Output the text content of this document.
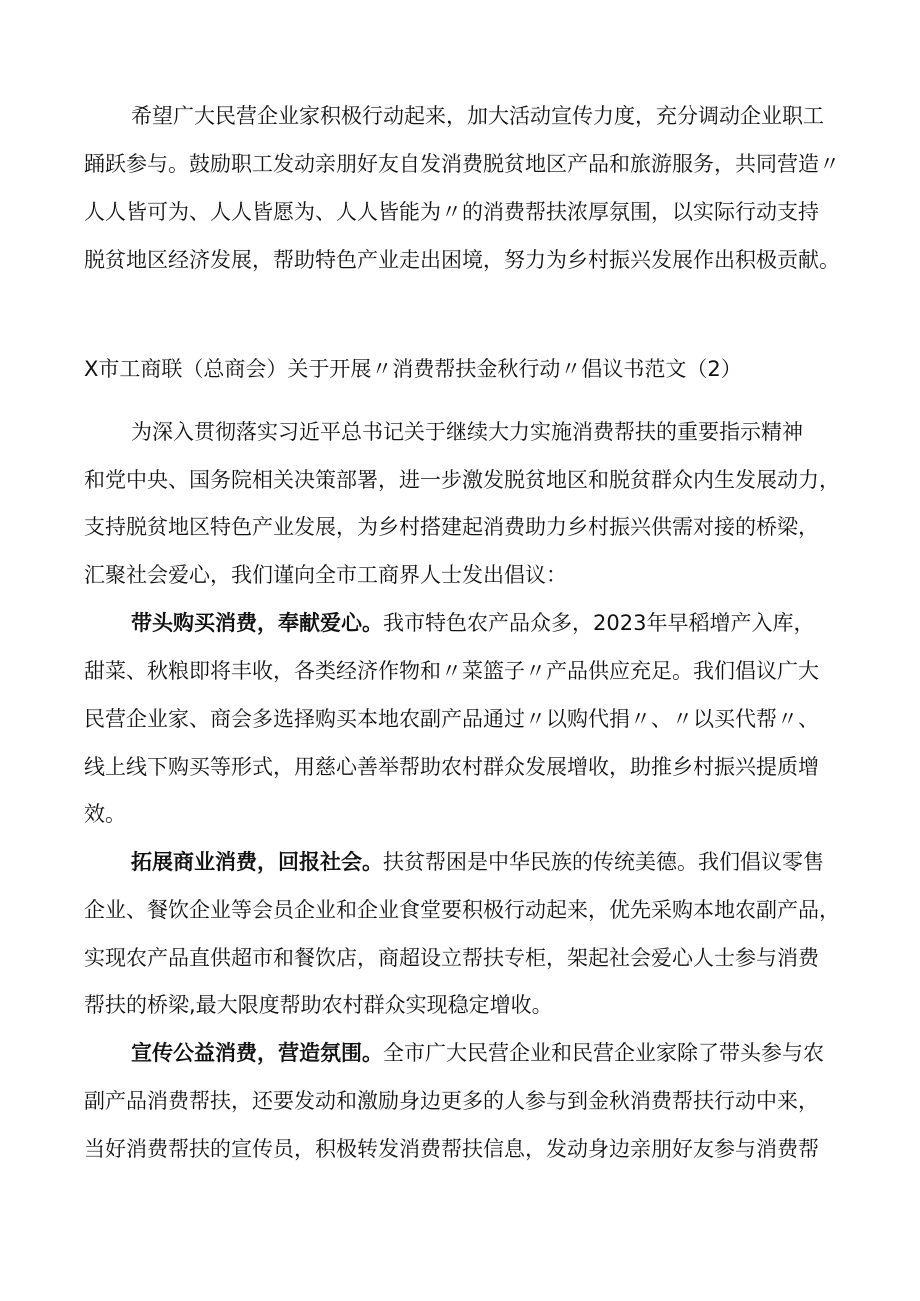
希望广大民营企业家积极行动起来，加大活动宣传力度，充分调动企业职工
踊跃参与。鼓励职工发动亲朋好友自发消费脱贫地区产品和旅游服务，共同营造〃
人人皆可为、人人皆愿为、人人皆能为〃的消费帮扶浓厚氛围，以实际行动支持
脱贫地区经济发展，帮助特色产业走出困境，努力为乡村振兴发展作出积极贡献。
X市工商联（总商会）关于开展〃消费帮扶金秋行动〃倡议书范文（2）
为深入贯彻落实习近平总书记关于继续大力实施消费帮扶的重要指示精神
和党中央、国务院相关决策部署，进一步激发脱贫地区和脱贫群众内生发展动力，
支持脱贫地区特色产业发展，为乡村搭建起消费助力乡村振兴供需对接的桥梁，
汇聚社会爱心，我们谨向全市工商界人士发出倡议：
带头购买消费，奉献爱心。我市特色农产品众多，2023年早稻增产入库，
甜菜、秋粮即将丰收，各类经济作物和〃菜篮子〃产品供应充足。我们倡议广大
民营企业家、商会多选择购买本地农副产品通过〃以购代捐〃、〃以买代帮〃、
线上线下购买等形式，用慈心善举帮助农村群众发展增收，助推乡村振兴提质增
效。
拓展商业消费，回报社会。扶贫帮困是中华民族的传统美德。我们倡议零售
企业、餐饮企业等会员企业和企业食堂要积极行动起来，优先采购本地农副产品，
实现农产品直供超市和餐饮店，商超设立帮扶专柜，架起社会爱心人士参与消费
帮扶的桥梁,最大限度帮助农村群众实现稳定增收。
宣传公益消费，营造氛围。全市广大民营企业和民营企业家除了带头参与农
副产品消费帮扶，还要发动和激励身边更多的人参与到金秋消费帮扶行动中来，
当好消费帮扶的宣传员，积极转发消费帮扶信息，发动身边亲朋好友参与消费帮
